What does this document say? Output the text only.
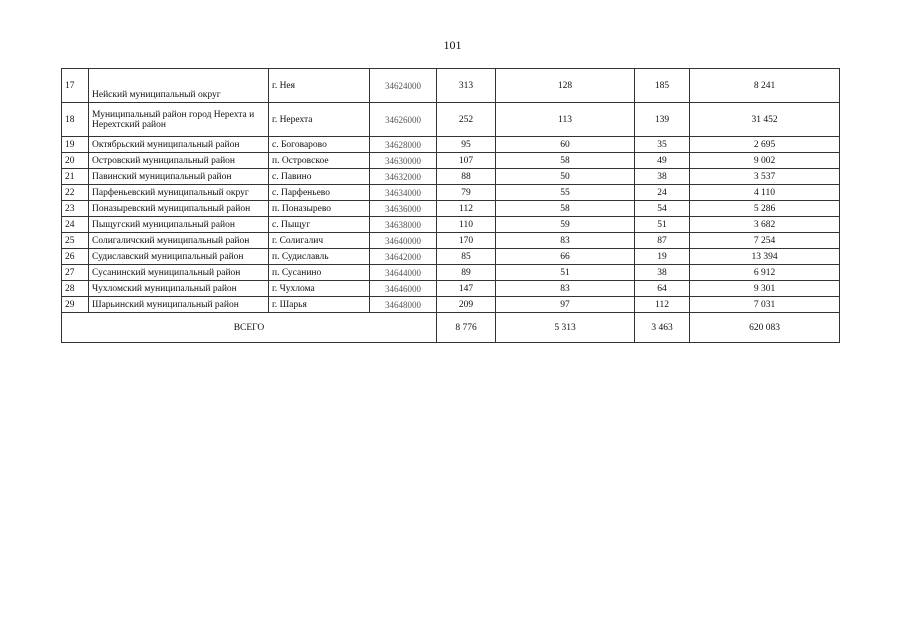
101
17	Нейский муниципальный округ	г. Нея	34624000	313	128	185	8 241
18	Муниципальный район город Нерехта и Нерехтский район	г. Нерехта	34626000	252	113	139	31 452
19	Октябрьский муниципальный район	с. Боговарово	34628000	95	60	35	2 695
20	Островский муниципальный район	п. Островское	34630000	107	58	49	9 002
21	Павинский муниципальный район	с. Павино	34632000	88	50	38	3 537
22	Парфеньевский муниципальный округ	с. Парфеньево	34634000	79	55	24	4 110
23	Поназыревский муниципальный район	п. Поназырево	34636000	112	58	54	5 286
24	Пыщугский муниципальный район	с. Пыщуг	34638000	110	59	51	3 682
25	Солигаличский муниципальный район	г. Солигалич	34640000	170	83	87	7 254
26	Судиславский муниципальный район	п. Судиславль	34642000	85	66	19	13 394
27	Сусанинский муниципальный район	п. Сусанино	34644000	89	51	38	6 912
28	Чухломский муниципальный район	г. Чухлома	34646000	147	83	64	9 301
29	Шарьинский муниципальный район	г. Шарья	34648000	209	97	112	7 031
ВСЕГО				8 776	5 313	3 463	620 083
